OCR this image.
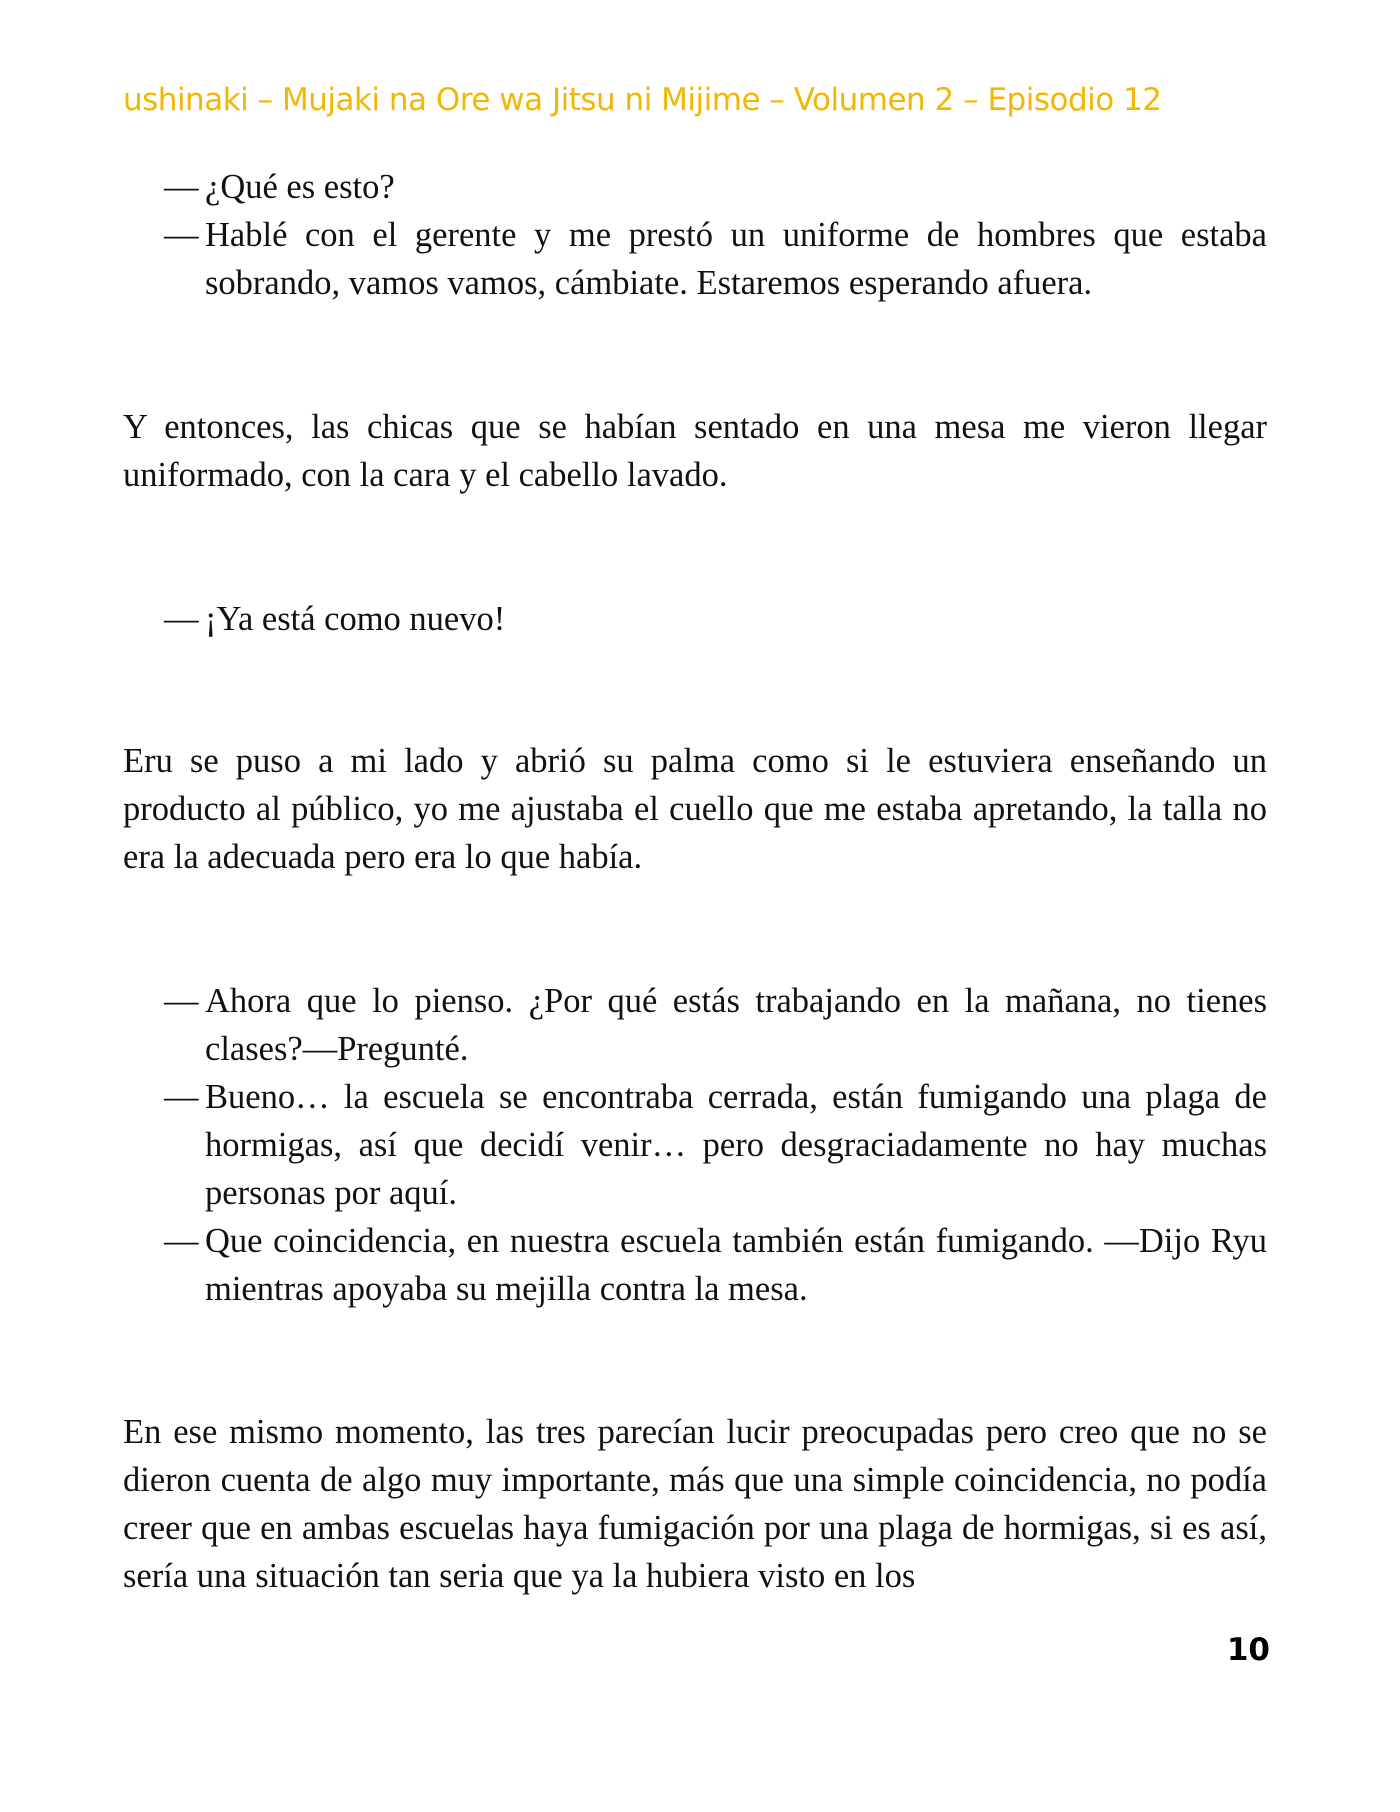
ushinaki – Mujaki na Ore wa Jitsu ni Mijime – Volumen 2 – Episodio 12
— ¿Qué es esto?
— Hablé con el gerente y me prestó un uniforme de hombres que estaba sobrando, vamos vamos, cámbiate. Estaremos esperando afuera.
Y entonces, las chicas que se habían sentado en una mesa me vieron llegar uniformado, con la cara y el cabello lavado.
— ¡Ya está como nuevo!
Eru se puso a mi lado y abrió su palma como si le estuviera enseñando un producto al público, yo me ajustaba el cuello que me estaba apretando, la talla no era la adecuada pero era lo que había.
— Ahora que lo pienso. ¿Por qué estás trabajando en la mañana, no tienes clases?—Pregunté.
— Bueno… la escuela se encontraba cerrada, están fumigando una plaga de hormigas, así que decidí venir… pero desgraciadamente no hay muchas personas por aquí.
— Que coincidencia, en nuestra escuela también están fumigando. —Dijo Ryu mientras apoyaba su mejilla contra la mesa.
En ese mismo momento, las tres parecían lucir preocupadas pero creo que no se dieron cuenta de algo muy importante, más que una simple coincidencia, no podía creer que en ambas escuelas haya fumigación por una plaga de hormigas, si es así, sería una situación tan seria que ya la hubiera visto en los
10
